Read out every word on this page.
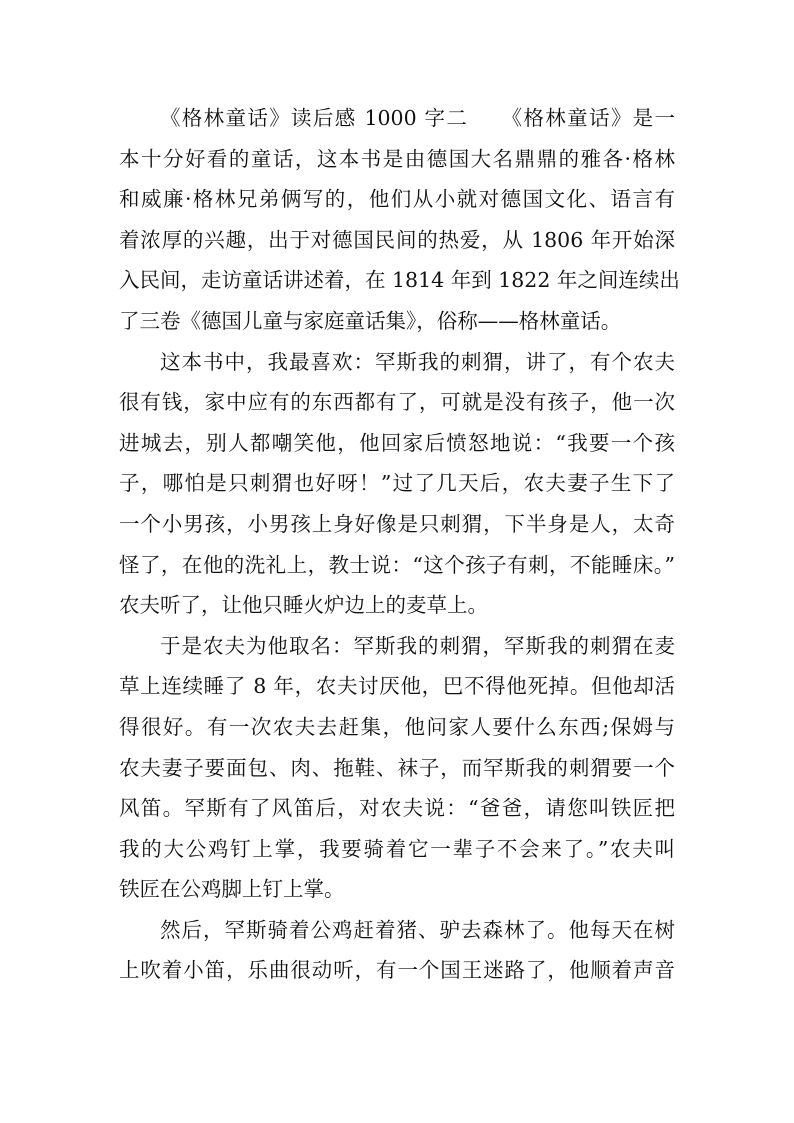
《格林童话》读后感 1000 字二　　《格林童话》是一
本十分好看的童话，这本书是由德国大名鼎鼎的雅各·格林
和威廉·格林兄弟俩写的，他们从小就对德国文化、语言有
着浓厚的兴趣，出于对德国民间的热爱，从 1806 年开始深
入民间，走访童话讲述着，在 1814 年到 1822 年之间连续出
了三卷《德国儿童与家庭童话集》，俗称——格林童话。
这本书中，我最喜欢：罕斯我的刺猬，讲了，有个农夫
很有钱，家中应有的东西都有了，可就是没有孩子，他一次
进城去，别人都嘲笑他，他回家后愤怒地说：“我要一个孩
子，哪怕是只刺猬也好呀！”过了几天后，农夫妻子生下了
一个小男孩，小男孩上身好像是只刺猬，下半身是人，太奇
怪了，在他的洗礼上，教士说：“这个孩子有刺，不能睡床。”
农夫听了，让他只睡火炉边上的麦草上。
于是农夫为他取名：罕斯我的刺猬，罕斯我的刺猬在麦
草上连续睡了 8 年，农夫讨厌他，巴不得他死掉。但他却活
得很好。有一次农夫去赶集，他问家人要什么东西;保姆与
农夫妻子要面包、肉、拖鞋、袜子，而罕斯我的刺猬要一个
风笛。罕斯有了风笛后，对农夫说：“爸爸，请您叫铁匠把
我的大公鸡钉上掌，我要骑着它一辈子不会来了。”农夫叫
铁匠在公鸡脚上钉上掌。
然后，罕斯骑着公鸡赶着猪、驴去森林了。他每天在树
上吹着小笛，乐曲很动听，有一个国王迷路了，他顺着声音
